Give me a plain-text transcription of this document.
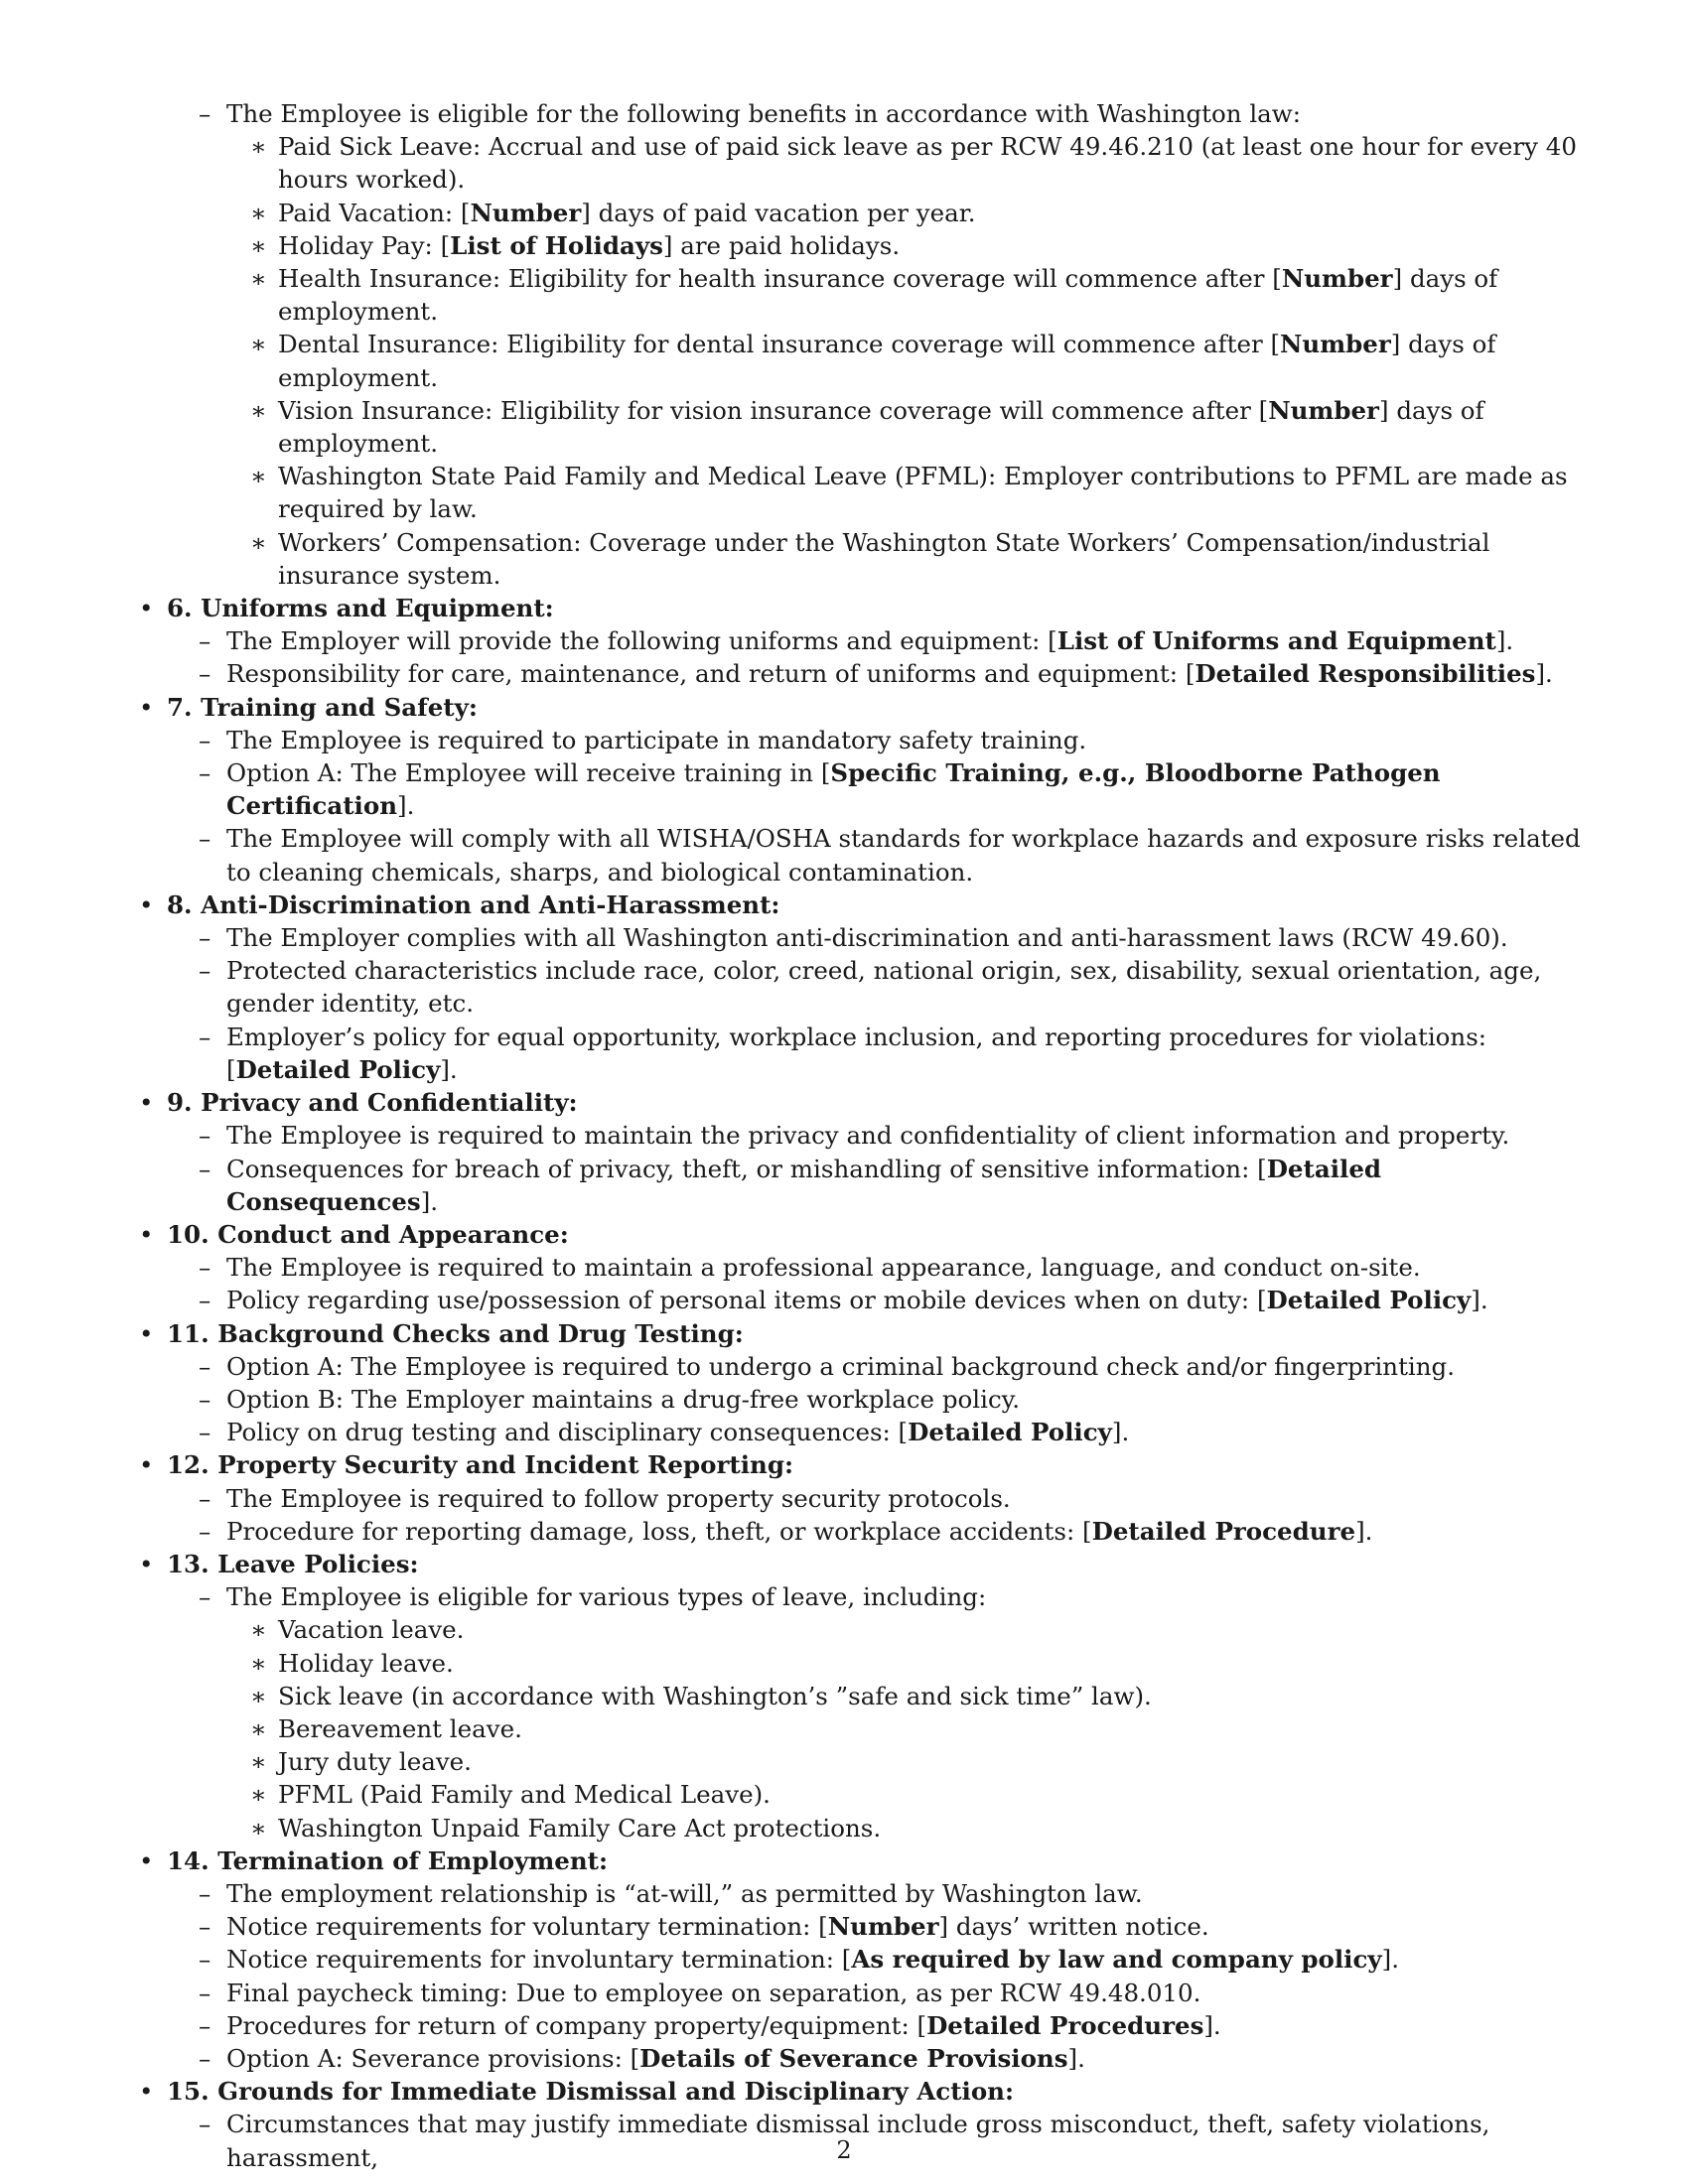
– The Employee is eligible for the following benefits in accordance with Washington law:
∗ Paid Sick Leave: Accrual and use of paid sick leave as per RCW 49.46.210 (at least one hour for every 40 hours worked).
∗ Paid Vacation: [Number] days of paid vacation per year.
∗ Holiday Pay: [List of Holidays] are paid holidays.
∗ Health Insurance: Eligibility for health insurance coverage will commence after [Number] days of employment.
∗ Dental Insurance: Eligibility for dental insurance coverage will commence after [Number] days of employment.
∗ Vision Insurance: Eligibility for vision insurance coverage will commence after [Number] days of employment.
∗ Washington State Paid Family and Medical Leave (PFML): Employer contributions to PFML are made as required by law.
∗ Workers’ Compensation: Coverage under the Washington State Workers’ Compensation/industrial insurance system.
• 6. Uniforms and Equipment:
– The Employer will provide the following uniforms and equipment: [List of Uniforms and Equipment].
– Responsibility for care, maintenance, and return of uniforms and equipment: [Detailed Responsibilities].
• 7. Training and Safety:
– The Employee is required to participate in mandatory safety training.
– Option A: The Employee will receive training in [Specific Training, e.g., Bloodborne Pathogen Certification].
– The Employee will comply with all WISHA/OSHA standards for workplace hazards and exposure risks related to cleaning chemicals, sharps, and biological contamination.
• 8. Anti-Discrimination and Anti-Harassment:
– The Employer complies with all Washington anti-discrimination and anti-harassment laws (RCW 49.60).
– Protected characteristics include race, color, creed, national origin, sex, disability, sexual orientation, age, gender identity, etc.
– Employer’s policy for equal opportunity, workplace inclusion, and reporting procedures for violations: [Detailed Policy].
• 9. Privacy and Confidentiality:
– The Employee is required to maintain the privacy and confidentiality of client information and property.
– Consequences for breach of privacy, theft, or mishandling of sensitive information: [Detailed Consequences].
• 10. Conduct and Appearance:
– The Employee is required to maintain a professional appearance, language, and conduct on-site.
– Policy regarding use/possession of personal items or mobile devices when on duty: [Detailed Policy].
• 11. Background Checks and Drug Testing:
– Option A: The Employee is required to undergo a criminal background check and/or fingerprinting.
– Option B: The Employer maintains a drug-free workplace policy.
– Policy on drug testing and disciplinary consequences: [Detailed Policy].
• 12. Property Security and Incident Reporting:
– The Employee is required to follow property security protocols.
– Procedure for reporting damage, loss, theft, or workplace accidents: [Detailed Procedure].
• 13. Leave Policies:
– The Employee is eligible for various types of leave, including:
∗ Vacation leave.
∗ Holiday leave.
∗ Sick leave (in accordance with Washington’s ”safe and sick time” law).
∗ Bereavement leave.
∗ Jury duty leave.
∗ PFML (Paid Family and Medical Leave).
∗ Washington Unpaid Family Care Act protections.
• 14. Termination of Employment:
– The employment relationship is “at-will,” as permitted by Washington law.
– Notice requirements for voluntary termination: [Number] days’ written notice.
– Notice requirements for involuntary termination: [As required by law and company policy].
– Final paycheck timing: Due to employee on separation, as per RCW 49.48.010.
– Procedures for return of company property/equipment: [Detailed Procedures].
– Option A: Severance provisions: [Details of Severance Provisions].
• 15. Grounds for Immediate Dismissal and Disciplinary Action:
– Circumstances that may justify immediate dismissal include gross misconduct, theft, safety violations, harassment,	2
